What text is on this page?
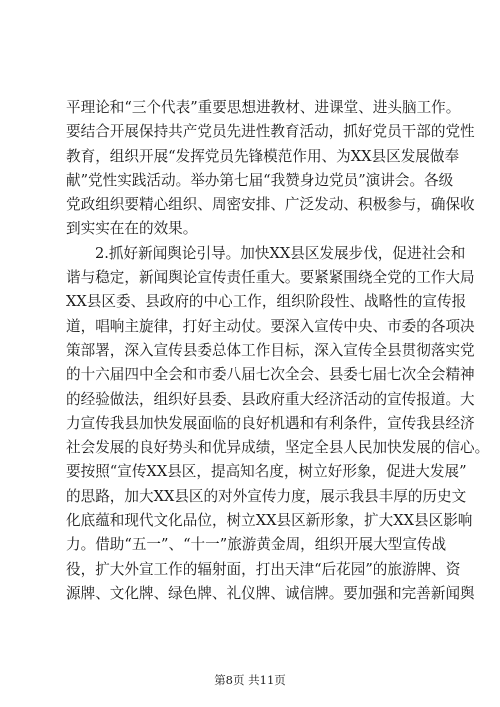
平理论和“三个代表”重要思想进教材、进课堂、进头脑工作。
要结合开展保持共产党员先进性教育活动，抓好党员干部的党性
教育，组织开展“发挥党员先锋模范作用、为XX县区发展做奉
献”党性实践活动。举办第七届“我赞身边党员”演讲会。各级
党政组织要精心组织、周密安排、广泛发动、积极参与，确保收
到实实在在的效果。
2.抓好新闻舆论引导。加快XX县区发展步伐，促进社会和
谐与稳定，新闻舆论宣传责任重大。要紧紧围绕全党的工作大局
XX县区委、县政府的中心工作，组织阶段性、战略性的宣传报
道，唱响主旋律，打好主动仗。要深入宣传中央、市委的各项决
策部署，深入宣传县委总体工作目标，深入宣传全县贯彻落实党
的十六届四中全会和市委八届七次全会、县委七届七次全会精神
的经验做法，组织好县委、县政府重大经济活动的宣传报道。大
力宣传我县加快发展面临的良好机遇和有利条件，宣传我县经济
社会发展的良好势头和优异成绩，坚定全县人民加快发展的信心。
要按照“宣传XX县区，提高知名度，树立好形象，促进大发展”
的思路，加大XX县区的对外宣传力度，展示我县丰厚的历史文
化底蕴和现代文化品位，树立XX县区新形象，扩大XX县区影响
力。借助“五一”、“十一”旅游黄金周，组织开展大型宣传战
役，扩大外宣工作的辐射面，打出天津“后花园”的旅游牌、资
源牌、文化牌、绿色牌、礼仪牌、诚信牌。要加强和完善新闻舆
第8页 共11页
